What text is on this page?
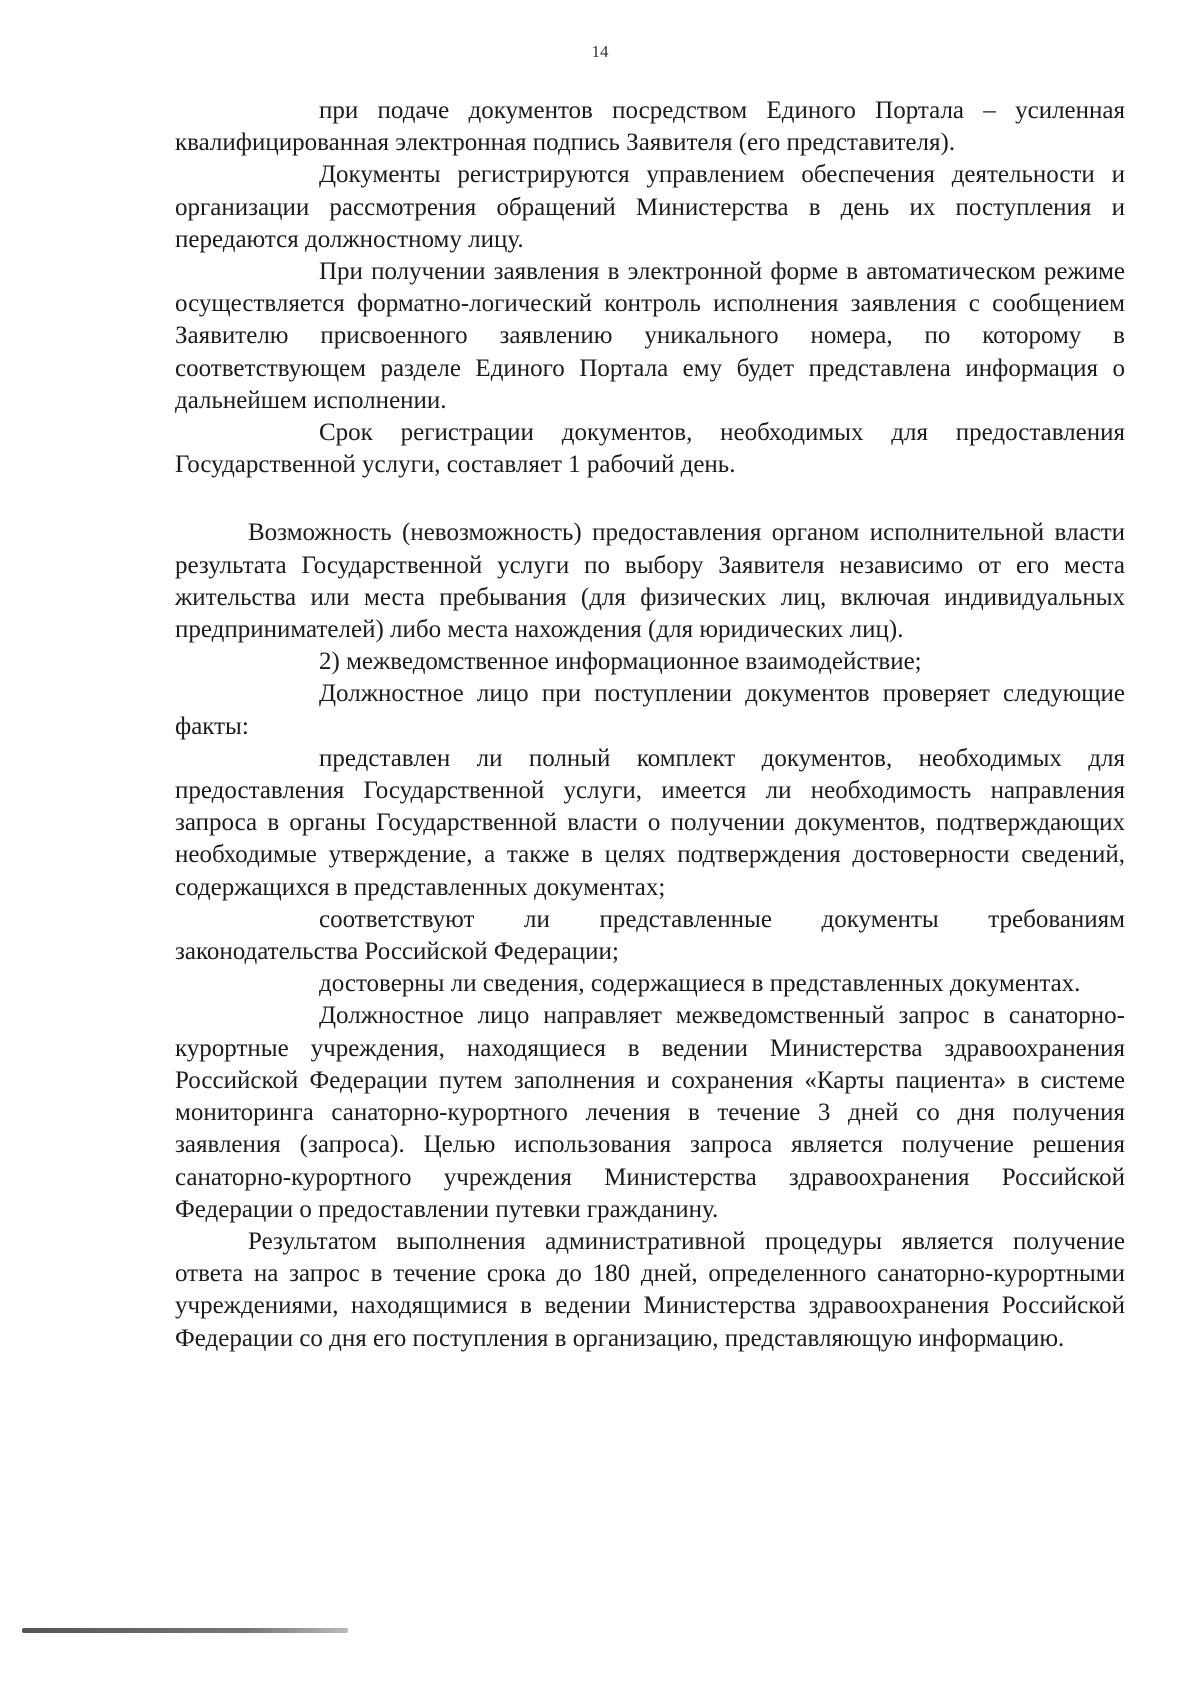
14

при подаче документов посредством Единого Портала – усиленная квалифицированная электронная подпись Заявителя (его представителя).

Документы регистрируются управлением обеспечения деятельности и организации рассмотрения обращений Министерства в день их поступления и передаются должностному лицу.

При получении заявления в электронной форме в автоматическом режиме осуществляется форматно-логический контроль исполнения заявления с сообщением Заявителю присвоенного заявлению уникального номера, по которому в соответствующем разделе Единого Портала ему будет представлена информация о дальнейшем исполнении.

Срок регистрации документов, необходимых для предоставления Государственной услуги, составляет 1 рабочий день.

Возможность (невозможность) предоставления органом исполнительной власти результата Государственной услуги по выбору Заявителя независимо от его места жительства или места пребывания (для физических лиц, включая индивидуальных предпринимателей) либо места нахождения (для юридических лиц).

2) межведомственное информационное взаимодействие;

Должностное лицо при поступлении документов проверяет следующие факты:

представлен ли полный комплект документов, необходимых для предоставления Государственной услуги, имеется ли необходимость направления запроса в органы Государственной власти о получении документов, подтверждающих необходимые утверждение, а также в целях подтверждения достоверности сведений, содержащихся в представленных документах;

соответствуют ли представленные документы требованиям законодательства Российской Федерации;

достоверны ли сведения, содержащиеся в представленных документах.

Должностное лицо направляет межведомственный запрос в санаторно-курортные учреждения, находящиеся в ведении Министерства здравоохранения Российской Федерации путем заполнения и сохранения «Карты пациента» в системе мониторинга санаторно-курортного лечения в течение 3 дней со дня получения заявления (запроса). Целью использования запроса является получение решения санаторно-курортного учреждения Министерства здравоохранения Российской Федерации о предоставлении путевки гражданину.

Результатом выполнения административной процедуры является получение ответа на запрос в течение срока до 180 дней, определенного санаторно-курортными учреждениями, находящимися в ведении Министерства здравоохранения Российской Федерации со дня его поступления в организацию, представляющую информацию.
